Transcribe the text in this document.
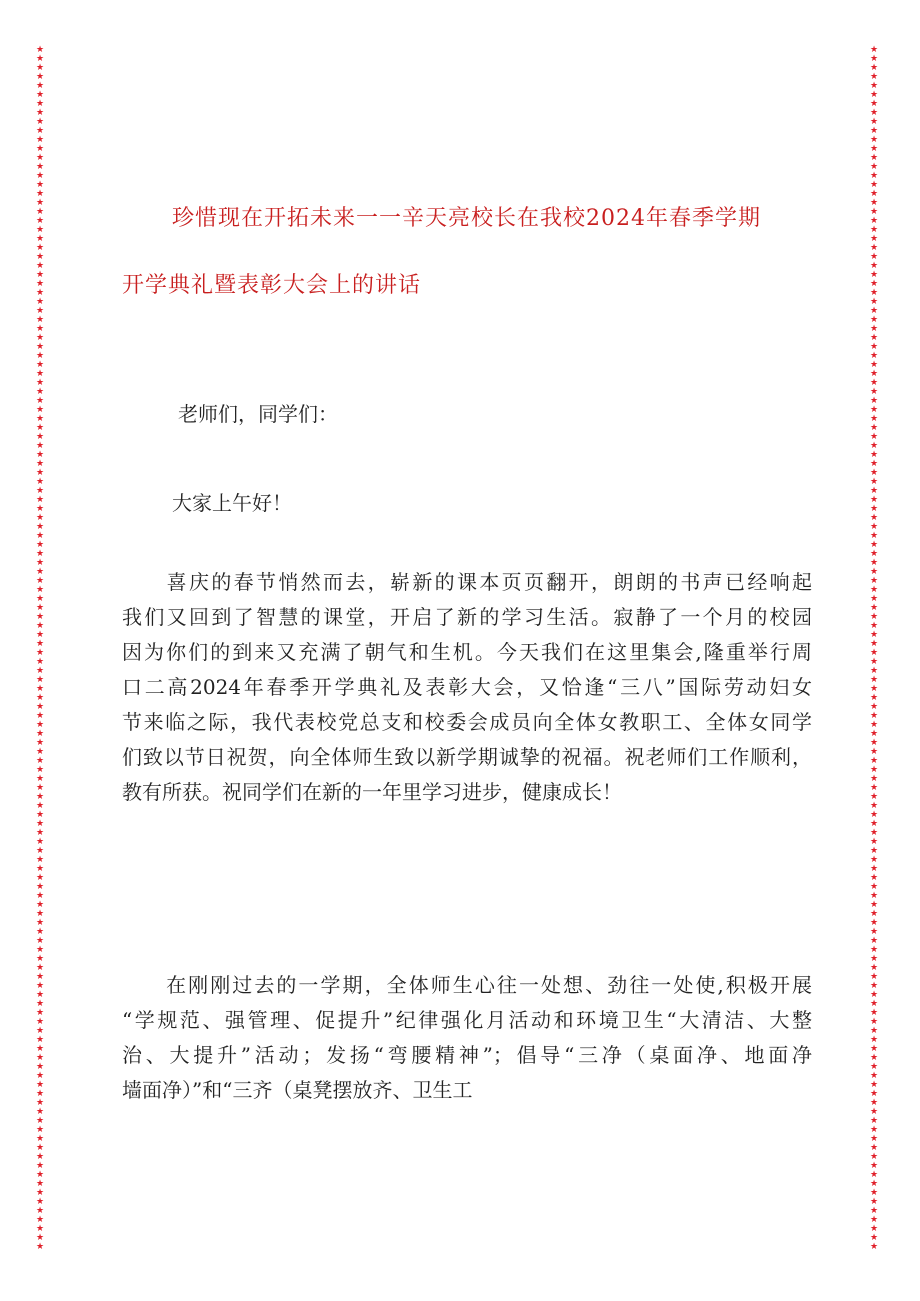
★
★
★
★
★
★
★
★
★
★
★
★
★
★
★
★
★
★
★
★
★
★
★
★
★
★
★
★
★
★
★
★
★
★
★
★
★
★
★
★
★
★
★
★
★
★
★
★
★
★
★
★
★
★
★
★
★
★
★
★
★
★
★
★
★
★
★
★
★
★
★
★
★
★
★
★
★
★
★
★
★
★
★
★
★
★
★
★
★
★
★
★
★
★
★
★
★
★
★
★
★
★
★
★
★
★
★
★
★
★
★
★
★
★
★
★
★
★
★
★
★
★
★
★
★
★
★
★
★
★
★
★
★
★
★
★
★
★
★
★
★
★
★
★
★
★
★
★
★
★
★
★
★
★
★
★
★
★
★
★
★
★
★
★
★
★
★
★
★
★
★
★
★
★
★
★
★
★
★
★
★
★
★
★
★
★
★
★
★
★
★
★
★
★
★
★
★
★
★
★
★
★
★
★
★
★
★
★
★
★
★
★
★
★
★
★
★
★
★
★
★
★
★
★
★
★
★
★
★
★
★
★
★
★
★
★
★
★
★
★
★
★
★
★
★
★
★
★
★
★
★
★
★
★
★
★
★
★
★
★
★
★
★
★
★
★
★
★
珍惜现在开拓未来一一辛天亮校长在我校2024年春季学期
开学典礼暨表彰大会上的讲话

老师们，同学们：

大家上午好！

　　喜庆的春节悄然而去，崭新的课本页页翻开，朗朗的书声已经响起
我们又回到了智慧的课堂，开启了新的学习生活。寂静了一个月的校园
因为你们的到来又充满了朝气和生机。今天我们在这里集会,隆重举行周
口二高2024年春季开学典礼及表彰大会，又恰逢“三八”国际劳动妇女
节来临之际，我代表校党总支和校委会成员向全体女教职工、全体女同学
们致以节日祝贺，向全体师生致以新学期诚挚的祝福。祝老师们工作顺利，
教有所获。祝同学们在新的一年里学习进步，健康成长！
　　在刚刚过去的一学期，全体师生心往一处想、劲往一处使,积极开展
“学规范、强管理、促提升”纪律强化月活动和环境卫生“大清洁、大整
治、大提升”活动；发扬“弯腰精神”；倡导“三净（桌面净、地面净
墙面净）”和“三齐（桌凳摆放齐、卫生工
